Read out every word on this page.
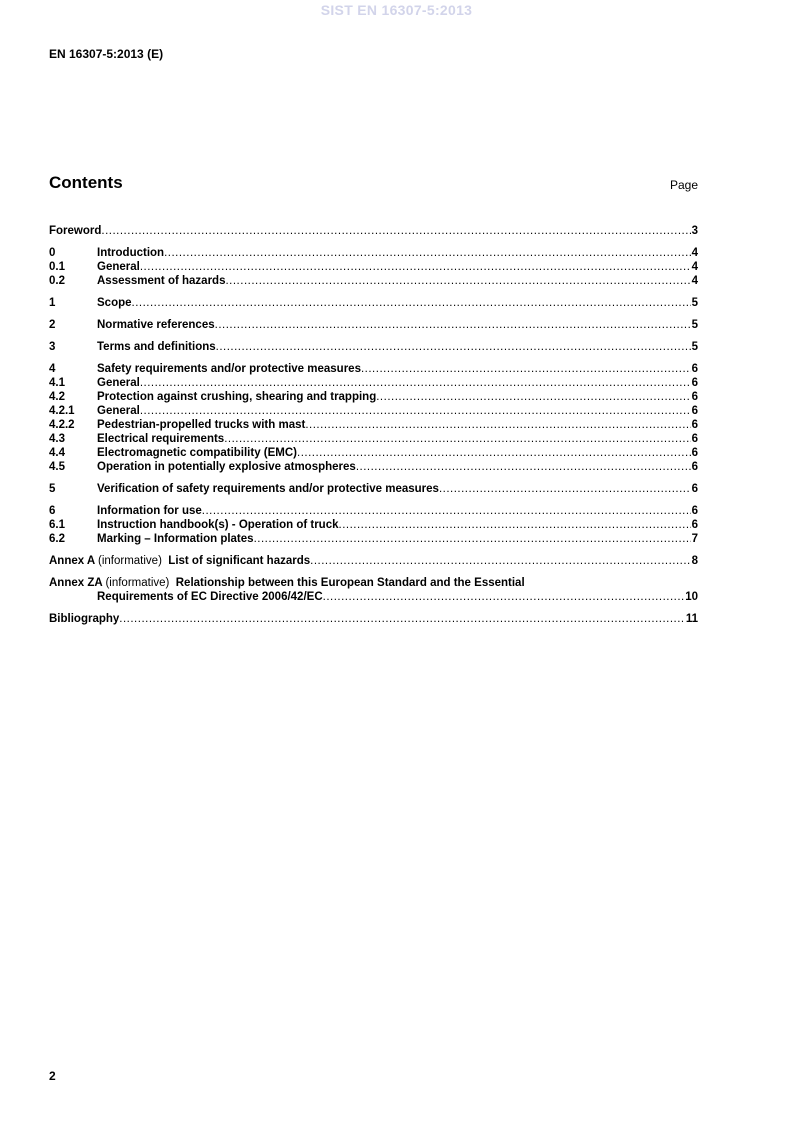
SIST EN 16307-5:2013
EN 16307-5:2013 (E)
Contents	Page
Foreword .....	3
0	Introduction .....	4
0.1	General .....	4
0.2	Assessment of hazards .....	4
1	Scope .....	5
2	Normative references .....	5
3	Terms and definitions .....	5
4	Safety requirements and/or protective measures .....	6
4.1	General .....	6
4.2	Protection against crushing, shearing and trapping .....	6
4.2.1	General .....	6
4.2.2	Pedestrian-propelled trucks with mast .....	6
4.3	Electrical requirements .....	6
4.4	Electromagnetic compatibility (EMC) .....	6
4.5	Operation in potentially explosive atmospheres .....	6
5	Verification of safety requirements and/or protective measures .....	6
6	Information for use .....	6
6.1	Instruction handbook(s) - Operation of truck .....	6
6.2	Marking – Information plates .....	7
Annex A (informative) List of significant hazards .....	8
Annex ZA (informative) Relationship between this European Standard and the Essential
Requirements of EC Directive 2006/42/EC .....	10
Bibliography .....	11
2
